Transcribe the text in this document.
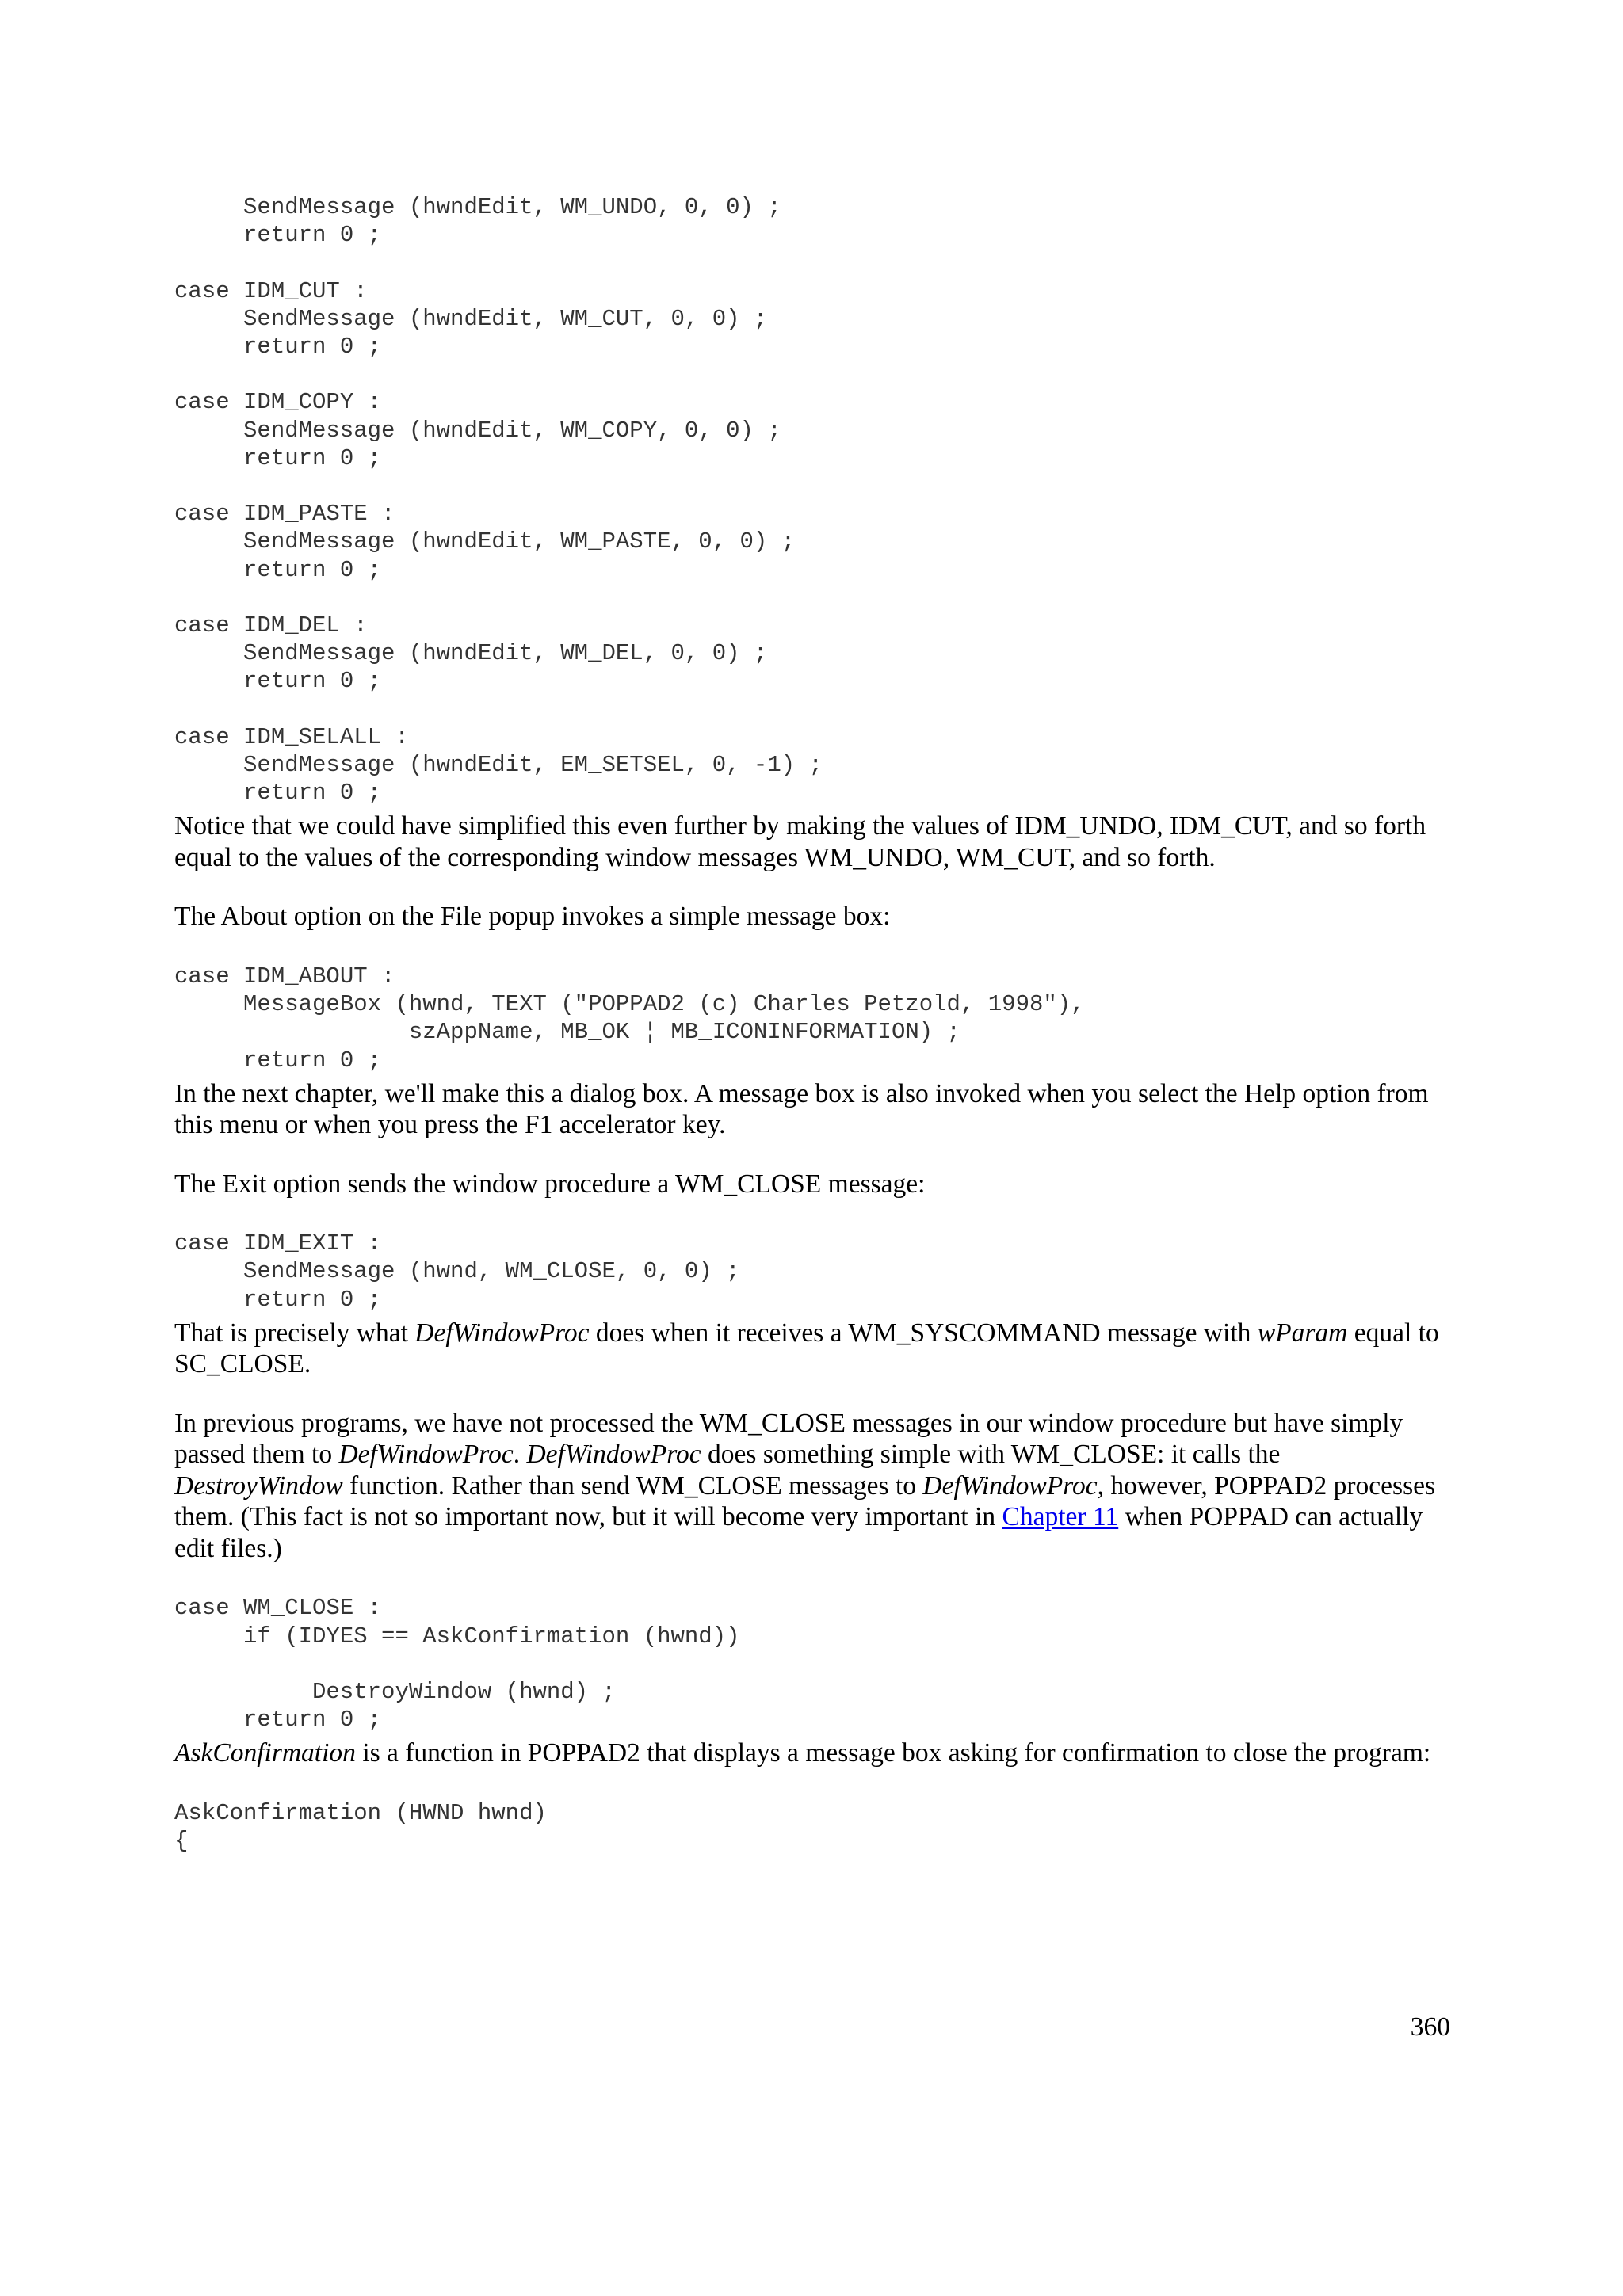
SendMessage (hwndEdit, WM_UNDO, 0, 0) ;
return 0 ;

case IDM_CUT :
SendMessage (hwndEdit, WM_CUT, 0, 0) ;
return 0 ;

case IDM_COPY :
SendMessage (hwndEdit, WM_COPY, 0, 0) ;
return 0 ;

case IDM_PASTE :
SendMessage (hwndEdit, WM_PASTE, 0, 0) ;
return 0 ;

case IDM_DEL :
SendMessage (hwndEdit, WM_DEL, 0, 0) ;
return 0 ;

case IDM_SELALL :
SendMessage (hwndEdit, EM_SETSEL, 0, -1) ;
return 0 ;

Notice that we could have simplified this even further by making the values of IDM_UNDO, IDM_CUT, and so forth equal to the values of the corresponding window messages WM_UNDO, WM_CUT, and so forth.

The About option on the File popup invokes a simple message box:

case IDM_ABOUT :
MessageBox (hwnd, TEXT ("POPPAD2 (c) Charles Petzold, 1998"),
szAppName, MB_OK ¦ MB_ICONINFORMATION) ;
return 0 ;

In the next chapter, we'll make this a dialog box. A message box is also invoked when you select the Help option from this menu or when you press the F1 accelerator key.

The Exit option sends the window procedure a WM_CLOSE message:

case IDM_EXIT :
SendMessage (hwnd, WM_CLOSE, 0, 0) ;
return 0 ;

That is precisely what DefWindowProc does when it receives a WM_SYSCOMMAND message with wParam equal to SC_CLOSE.

In previous programs, we have not processed the WM_CLOSE messages in our window procedure but have simply passed them to DefWindowProc. DefWindowProc does something simple with WM_CLOSE: it calls the DestroyWindow function. Rather than send WM_CLOSE messages to DefWindowProc, however, POPPAD2 processes them. (This fact is not so important now, but it will become very important in Chapter 11 when POPPAD can actually edit files.)

case WM_CLOSE :
if (IDYES == AskConfirmation (hwnd))

DestroyWindow (hwnd) ;
return 0 ;

AskConfirmation is a function in POPPAD2 that displays a message box asking for confirmation to close the program:

AskConfirmation (HWND hwnd)
{
360
